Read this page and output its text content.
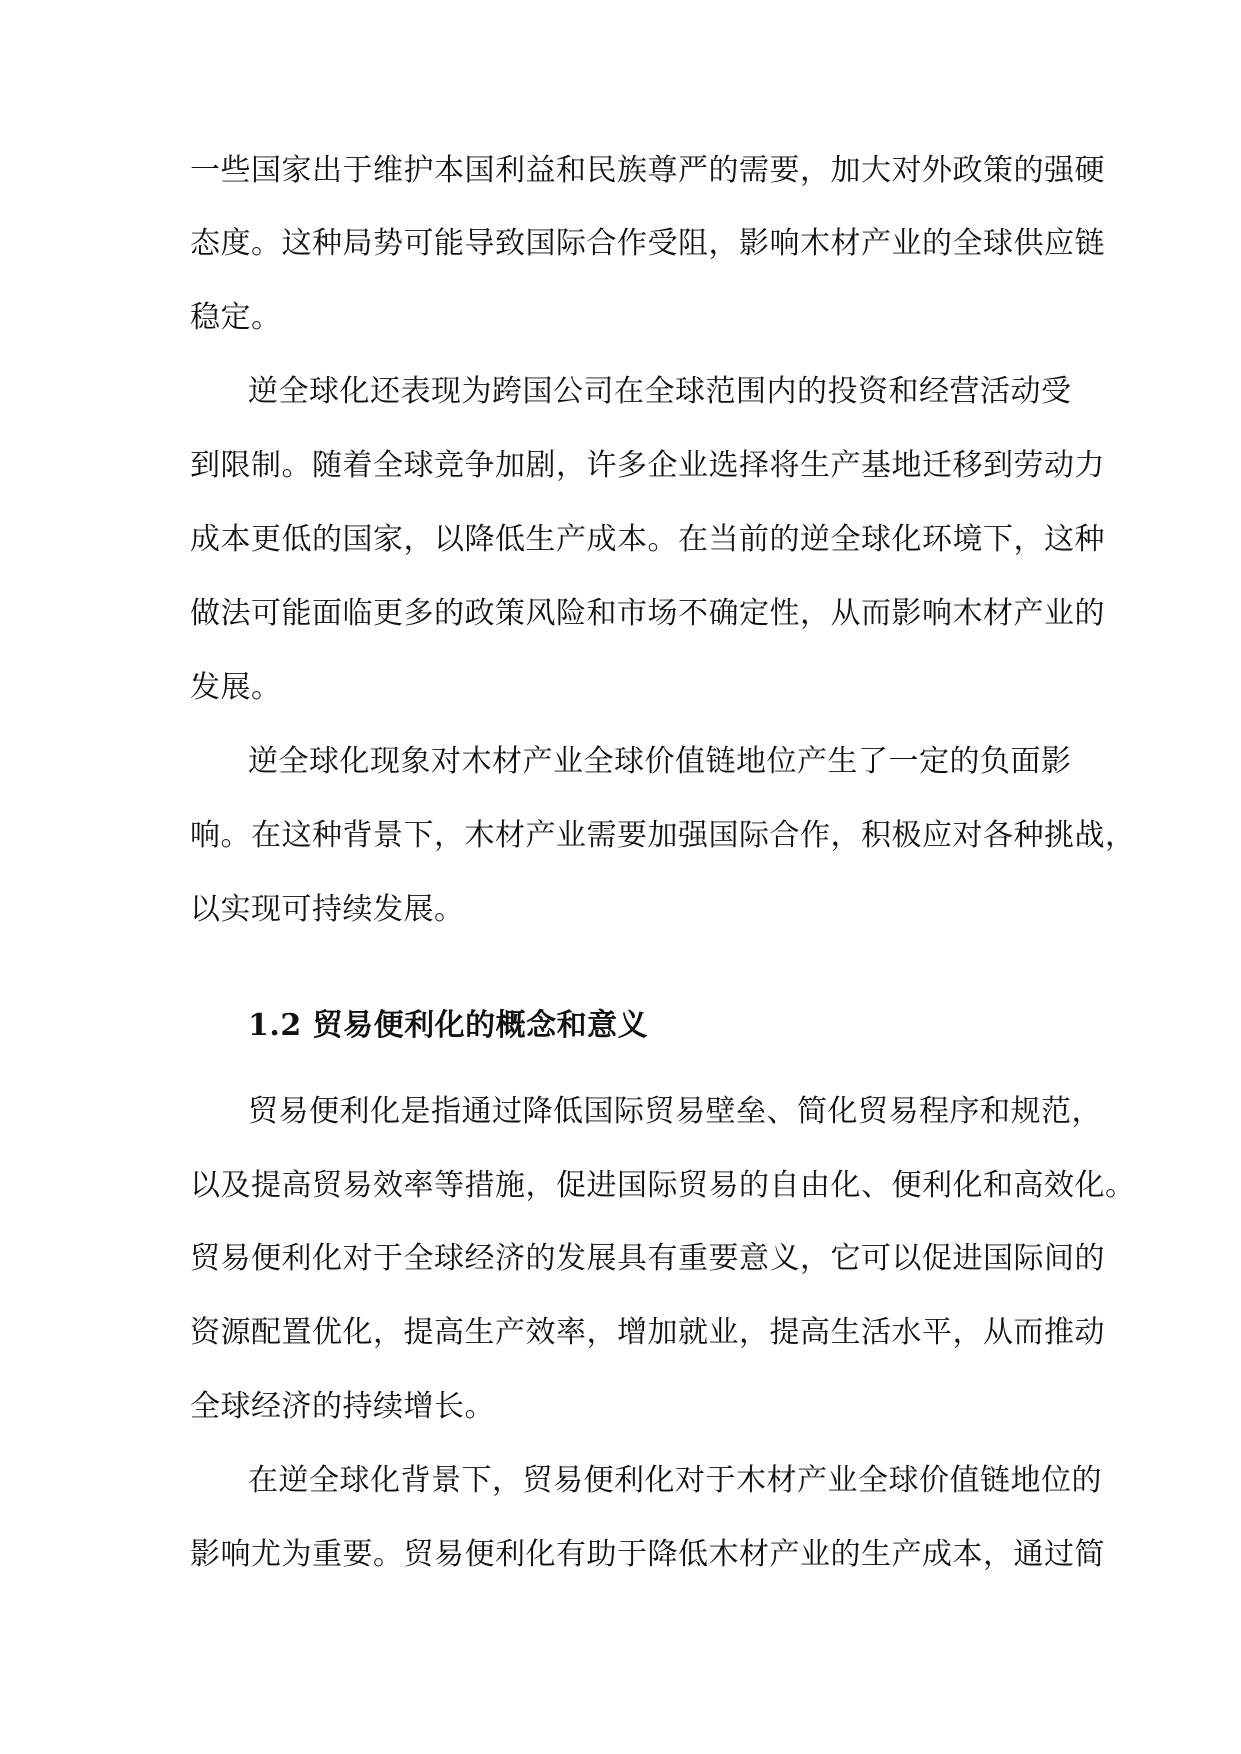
一些国家出于维护本国利益和民族尊严的需要，加大对外政策的强硬
态度。这种局势可能导致国际合作受阻，影响木材产业的全球供应链
稳定。
逆全球化还表现为跨国公司在全球范围内的投资和经营活动受
到限制。随着全球竞争加剧，许多企业选择将生产基地迁移到劳动力
成本更低的国家，以降低生产成本。在当前的逆全球化环境下，这种
做法可能面临更多的政策风险和市场不确定性，从而影响木材产业的
发展。
逆全球化现象对木材产业全球价值链地位产生了一定的负面影
响。在这种背景下，木材产业需要加强国际合作，积极应对各种挑战，
以实现可持续发展。
1.2 贸易便利化的概念和意义
贸易便利化是指通过降低国际贸易壁垒、简化贸易程序和规范，
以及提高贸易效率等措施，促进国际贸易的自由化、便利化和高效化。
贸易便利化对于全球经济的发展具有重要意义，它可以促进国际间的
资源配置优化，提高生产效率，增加就业，提高生活水平，从而推动
全球经济的持续增长。
在逆全球化背景下，贸易便利化对于木材产业全球价值链地位的
影响尤为重要。贸易便利化有助于降低木材产业的生产成本，通过简
